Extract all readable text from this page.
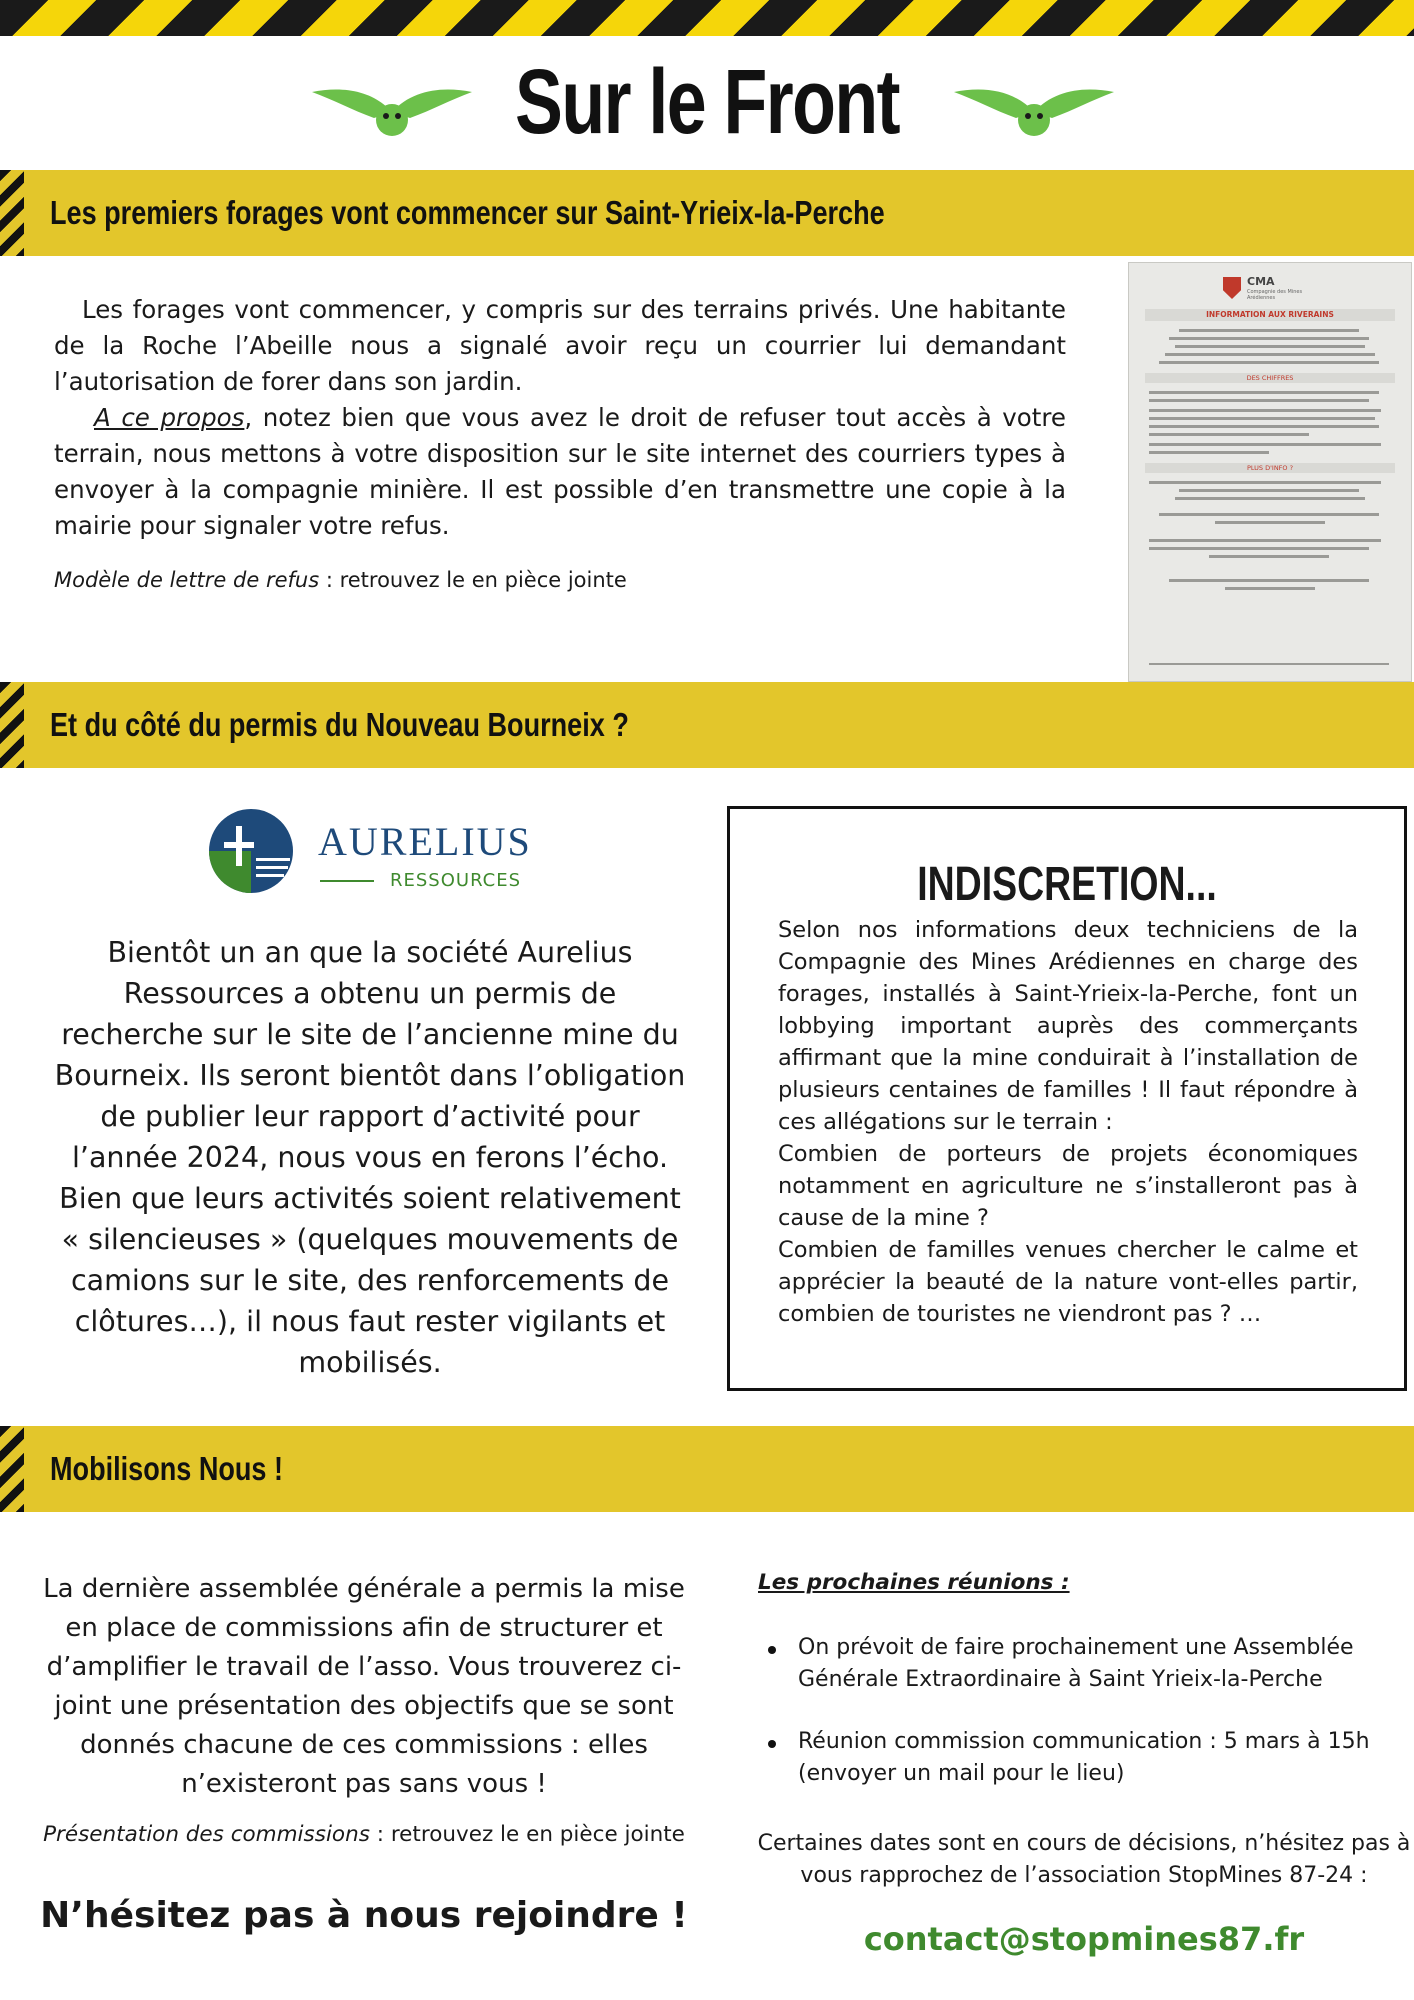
Sur le Front
Les premiers forages vont commencer sur Saint-Yrieix-la-Perche
Les forages vont commencer, y compris sur des terrains privés. Une habitante de la Roche l’Abeille nous a signalé avoir reçu un courrier lui demandant l’autorisation de forer dans son jardin.
A ce propos, notez bien que vous avez le droit de refuser tout accès à votre terrain, nous mettons à votre disposition sur le site internet des courriers types à envoyer à la compagnie minière. Il est possible d’en transmettre une copie à la mairie pour signaler votre refus.
Modèle de lettre de refus : retrouvez le en pièce jointe
CMA
Compagnie des Mines Arédiennes
INFORMATION AUX RIVERAINS
DES CHIFFRES
PLUS D'INFO ?
Et du côté du permis du Nouveau Bourneix ?
AURELIUS
RESSOURCES
Bientôt un an que la société Aurelius Ressources a obtenu un permis de recherche sur le site de l’ancienne mine du Bourneix. Ils seront bientôt dans l’obligation de publier leur rapport d’activité pour l’année 2024, nous vous en ferons l’écho. Bien que leurs activités soient relativement « silencieuses » (quelques mouvements de camions sur le site, des renforcements de clôtures…), il nous faut rester vigilants et mobilisés.
INDISCRETION...
Selon nos informations deux techniciens de la Compagnie des Mines Arédiennes en charge des forages, installés à Saint-Yrieix-la-Perche, font un lobbying important auprès des commerçants affirmant que la mine conduirait à l’installation de plusieurs centaines de familles ! Il faut répondre à ces allégations sur le terrain :
Combien de porteurs de projets économiques notamment en agriculture ne s’installeront pas à cause de la mine ?
Combien de familles venues chercher le calme et apprécier la beauté de la nature vont-elles partir, combien de touristes ne viendront pas ? …
Mobilisons Nous !
La dernière assemblée générale a permis la mise en place de commissions afin de structurer et d’amplifier le travail de l’asso. Vous trouverez ci-joint une présentation des objectifs que se sont donnés chacune de ces commissions : elles n’existeront pas sans vous !
Présentation des commissions : retrouvez le en pièce jointe
N’hésitez pas à nous rejoindre !
Les prochaines réunions :
On prévoit de faire prochainement une Assemblée Générale Extraordinaire à Saint Yrieix-la-Perche
Réunion commission communication : 5 mars à 15h (envoyer un mail pour le lieu)
Certaines dates sont en cours de décisions, n’hésitez pas à vous rapprochez de l’association StopMines 87-24 :
contact@stopmines87.fr
